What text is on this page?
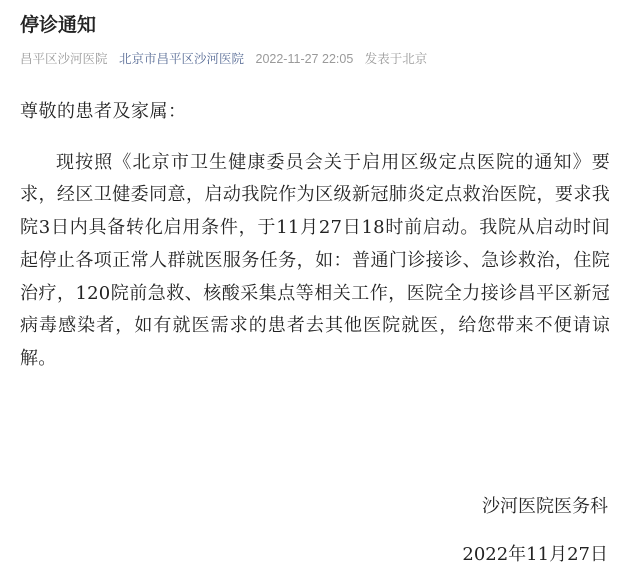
停诊通知
昌平区沙河医院 北京市昌平区沙河医院 2022-11-27 22:05 发表于北京

尊敬的患者及家属：

现按照《北京市卫生健康委员会关于启用区级定点医院的通知》要求，经区卫健委同意，启动我院作为区级新冠肺炎定点救治医院，要求我院3日内具备转化启用条件，于11月27日18时前启动。我院从启动时间起停止各项正常人群就医服务任务，如：普通门诊接诊、急诊救治，住院治疗，120院前急救、核酸采集点等相关工作，医院全力接诊昌平区新冠病毒感染者，如有就医需求的患者去其他医院就医，给您带来不便请谅解。

沙河医院医务科
2022年11月27日
